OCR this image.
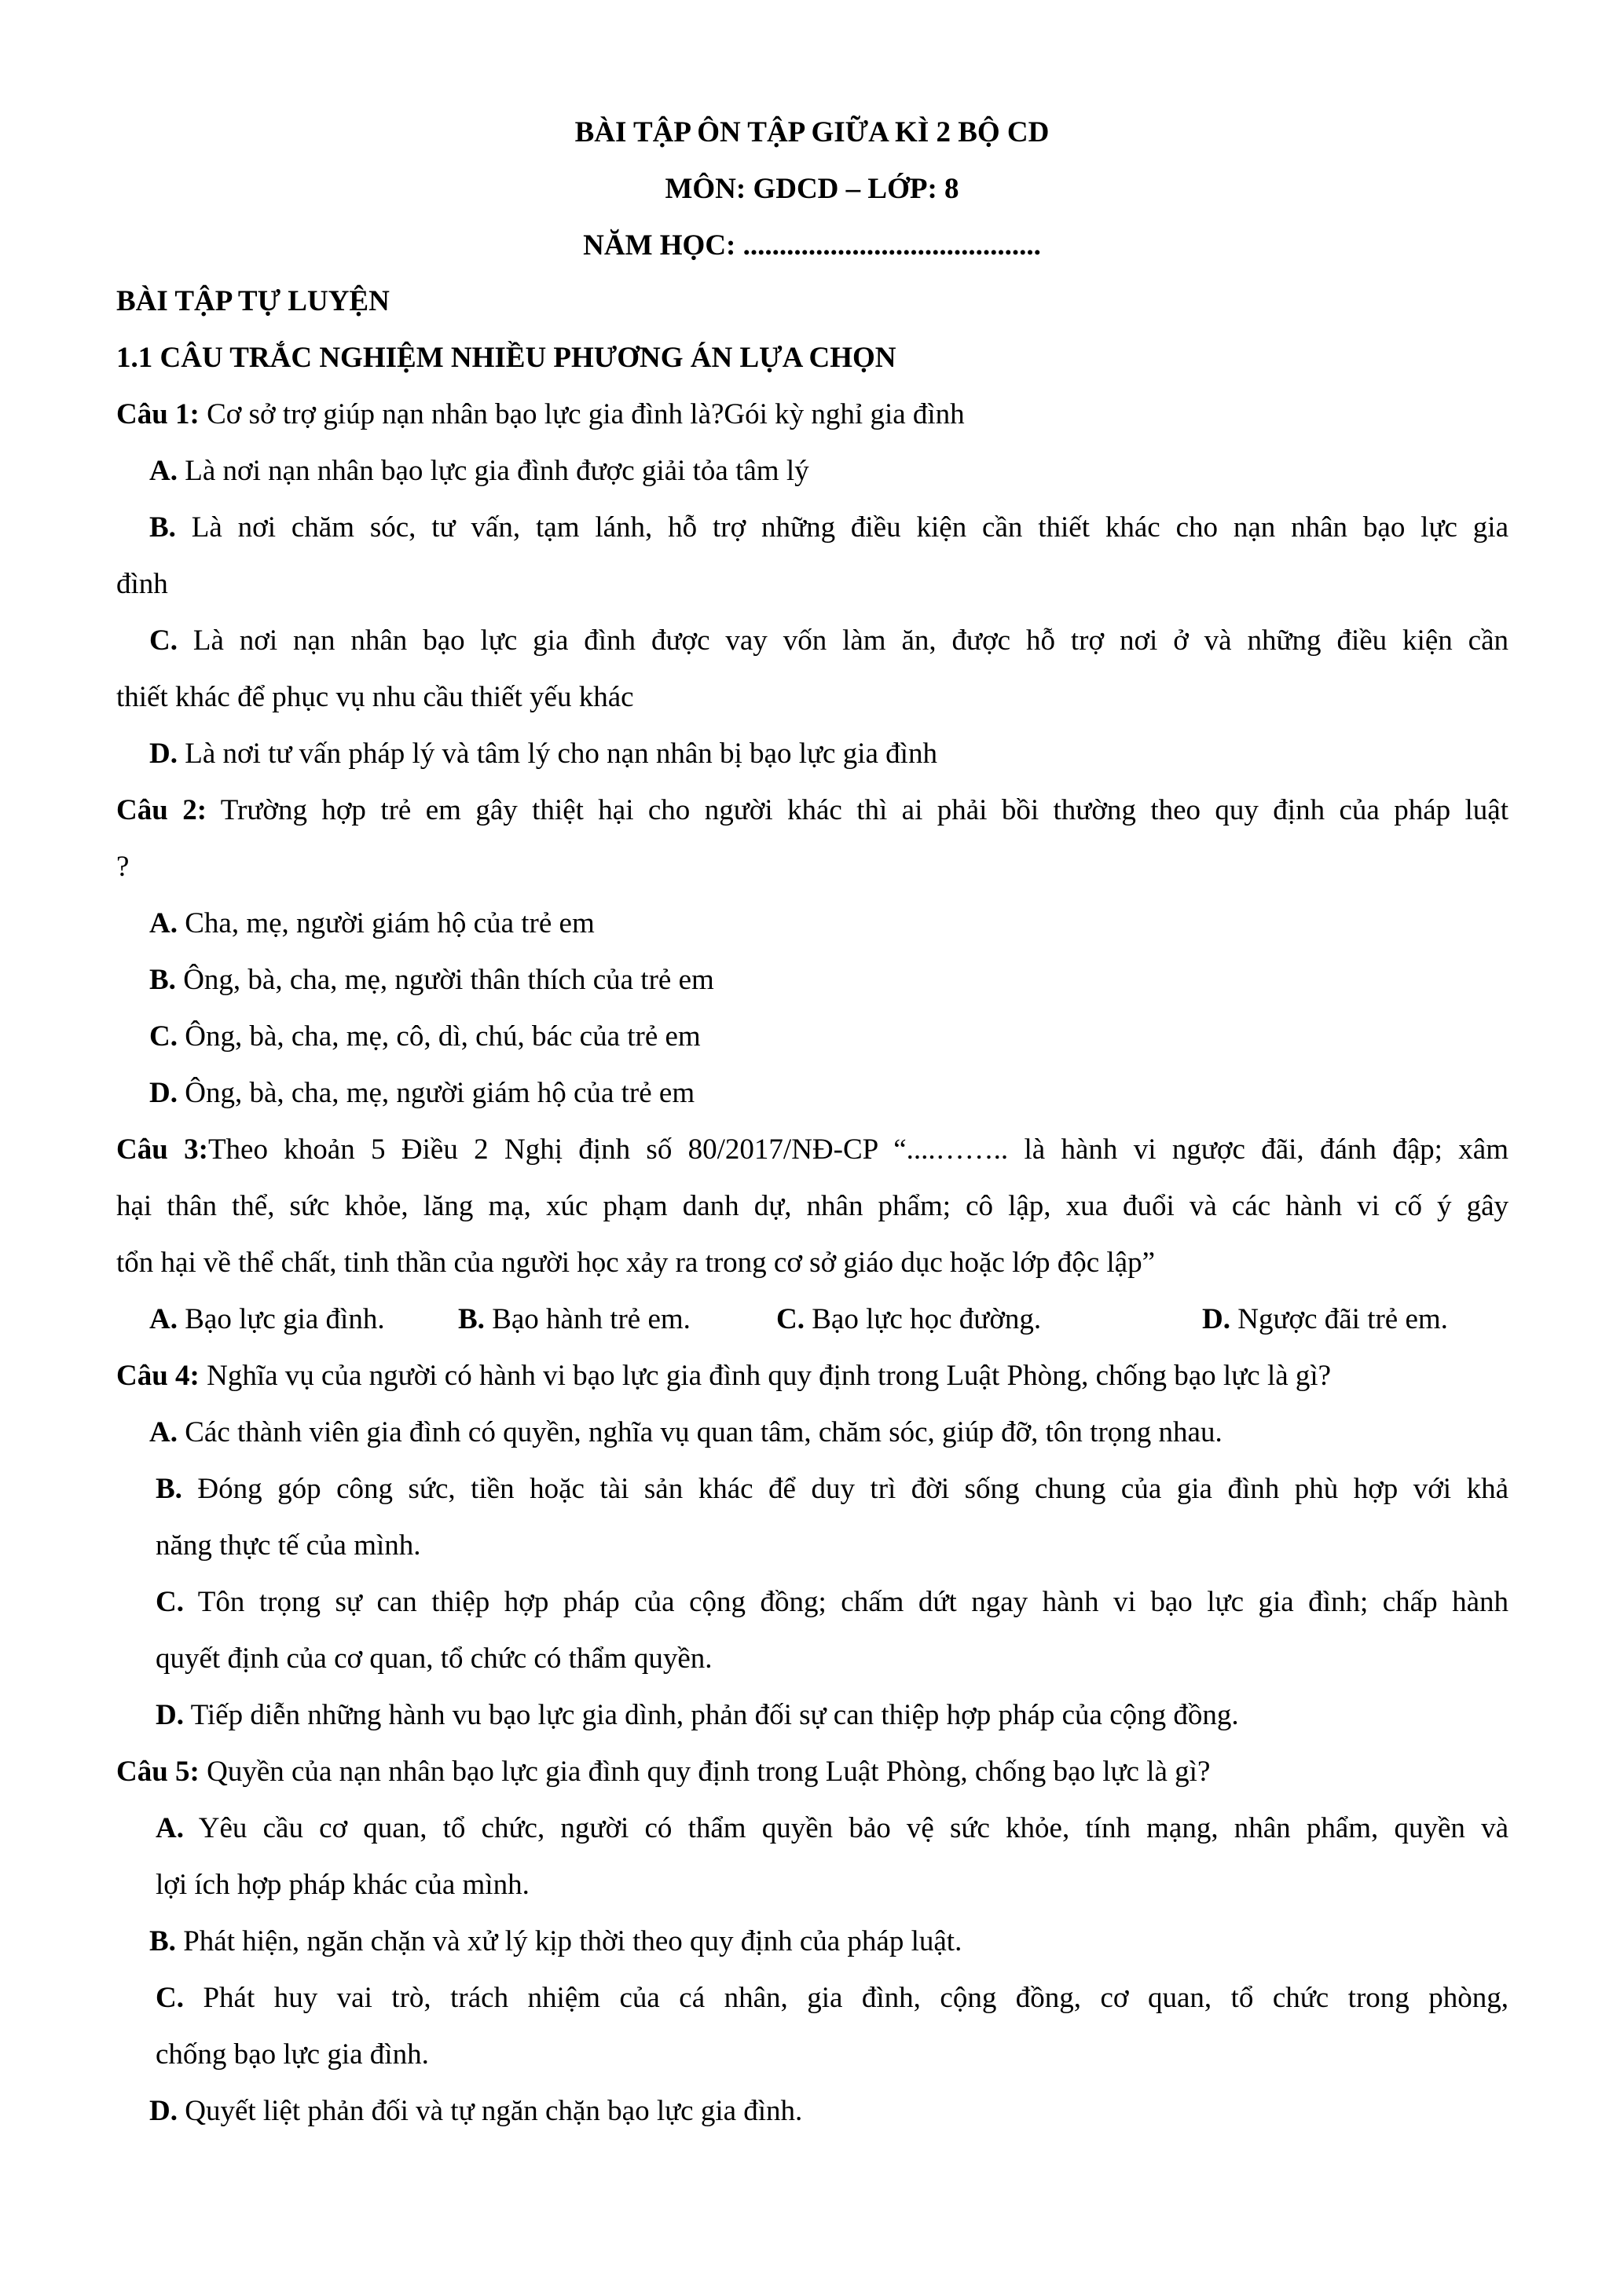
BÀI TẬP ÔN TẬP GIỮA KÌ 2 BỘ CD
MÔN: GDCD – LỚP: 8
NĂM HỌC: .........................................
BÀI TẬP TỰ LUYỆN
1.1 CÂU TRẮC NGHIỆM NHIỀU PHƯƠNG ÁN LỰA CHỌN
Câu 1: Cơ sở trợ giúp nạn nhân bạo lực gia đình là?Gói kỳ nghỉ gia đình
A. Là nơi nạn nhân bạo lực gia đình được giải tỏa tâm lý
B. Là nơi chăm sóc, tư vấn, tạm lánh, hỗ trợ những điều kiện cần thiết khác cho nạn nhân bạo lực gia
đình
C. Là nơi nạn nhân bạo lực gia đình được vay vốn làm ăn, được hỗ trợ nơi ở và những điều kiện cần
thiết khác để phục vụ nhu cầu thiết yếu khác
D. Là nơi tư vấn pháp lý và tâm lý cho nạn nhân bị bạo lực gia đình
Câu 2: Trường hợp trẻ em gây thiệt hại cho người khác thì ai phải bồi thường theo quy định của pháp luật
?
A. Cha, mẹ, người giám hộ của trẻ em
B. Ông, bà, cha, mẹ, người thân thích của trẻ em
C. Ông, bà, cha, mẹ, cô, dì, chú, bác của trẻ em
D. Ông, bà, cha, mẹ, người giám hộ của trẻ em
Câu 3:Theo khoản 5 Điều 2 Nghị định số 80/2017/NĐ-CP “....…….. là hành vi ngược đãi, đánh đập; xâm
hại thân thể, sức khỏe, lăng mạ, xúc phạm danh dự, nhân phẩm; cô lập, xua đuổi và các hành vi cố ý gây
tổn hại về thể chất, tinh thần của người học xảy ra trong cơ sở giáo dục hoặc lớp độc lập”
A. Bạo lực gia đình.	B. Bạo hành trẻ em.	C. Bạo lực học đường.	D. Ngược đãi trẻ em.
Câu 4: Nghĩa vụ của người có hành vi bạo lực gia đình quy định trong Luật Phòng, chống bạo lực là gì?
A. Các thành viên gia đình có quyền, nghĩa vụ quan tâm, chăm sóc, giúp đỡ, tôn trọng nhau.
B. Đóng góp công sức, tiền hoặc tài sản khác để duy trì đời sống chung của gia đình phù hợp với khả
năng thực tế của mình.
C. Tôn trọng sự can thiệp hợp pháp của cộng đồng; chấm dứt ngay hành vi bạo lực gia đình; chấp hành
quyết định của cơ quan, tổ chức có thẩm quyền.
D. Tiếp diễn những hành vu bạo lực gia dình, phản đối sự can thiệp hợp pháp của cộng đồng.
Câu 5: Quyền của nạn nhân bạo lực gia đình quy định trong Luật Phòng, chống bạo lực là gì?
A. Yêu cầu cơ quan, tổ chức, người có thẩm quyền bảo vệ sức khỏe, tính mạng, nhân phẩm, quyền và
lợi ích hợp pháp khác của mình.
B. Phát hiện, ngăn chặn và xử lý kịp thời theo quy định của pháp luật.
C. Phát huy vai trò, trách nhiệm của cá nhân, gia đình, cộng đồng, cơ quan, tổ chức trong phòng,
chống bạo lực gia đình.
D. Quyết liệt phản đối và tự ngăn chặn bạo lực gia đình.
